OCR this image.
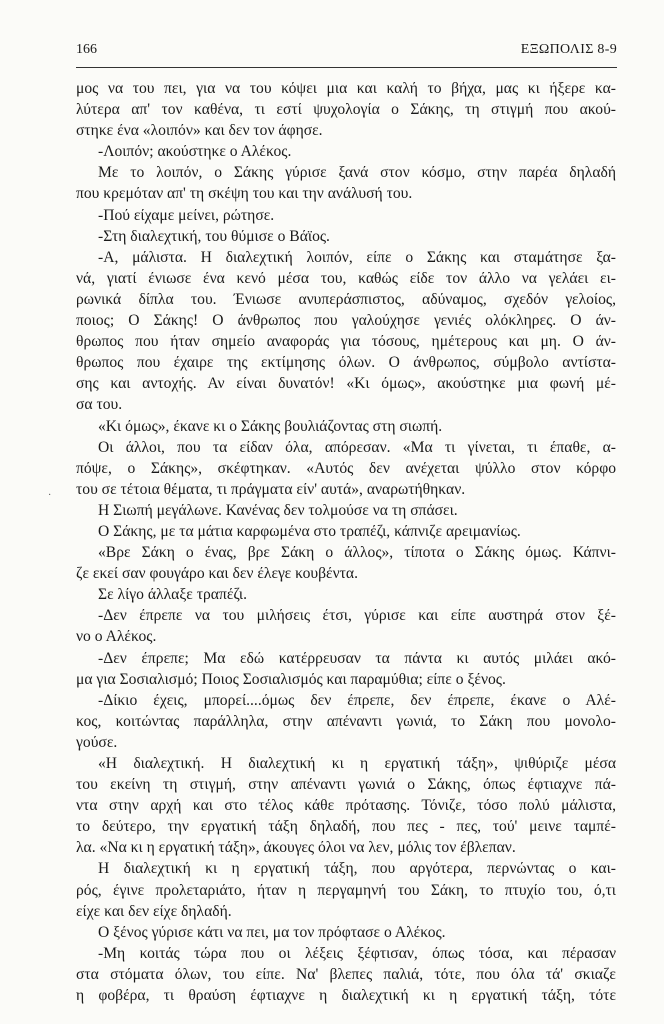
166	ΕΞΩΠΟΛΙΣ 8-9
·

μος να του πει, για να του κόψει μια και καλή το βήχα, μας κι ήξερε κα-

λύτερα απ' τον καθένα, τι εστί ψυχολογία ο Σάκης, τη στιγμή που ακού-

στηκε ένα «λοιπόν» και δεν τον άφησε.

-Λοιπόν; ακούστηκε ο Αλέκος.

Με το λοιπόν, ο Σάκης γύρισε ξανά στον κόσμο, στην παρέα δηλαδή

που κρεμόταν απ' τη σκέψη του και την ανάλυσή του.

-Πού είχαμε μείνει, ρώτησε.

-Στη διαλεχτική, του θύμισε ο Βάϊος.

-Α, μάλιστα. Η διαλεχτική λοιπόν, είπε ο Σάκης και σταμάτησε ξα-

νά, γιατί ένιωσε ένα κενό μέσα του, καθώς είδε τον άλλο να γελάει ει-

ρωνικά δίπλα του. Ένιωσε ανυπεράσπιστος, αδύναμος, σχεδόν γελοίος,

ποιος; Ο Σάκης! Ο άνθρωπος που γαλούχησε γενιές ολόκληρες. Ο άν-

θρωπος που ήταν σημείο αναφοράς για τόσους, ημέτερους και μη. Ο άν-

θρωπος που έχαιρε της εκτίμησης όλων. Ο άνθρωπος, σύμβολο αντίστα-

σης και αντοχής. Αν είναι δυνατόν! «Κι όμως», ακούστηκε μια φωνή μέ-

σα του.

«Κι όμως», έκανε κι ο Σάκης βουλιάζοντας στη σιωπή.

Οι άλλοι, που τα είδαν όλα, απόρεσαν. «Μα τι γίνεται, τι έπαθε, α-

πόψε, ο Σάκης», σκέφτηκαν. «Αυτός δεν ανέχεται ψύλλο στον κόρφο

του σε τέτοια θέματα, τι πράγματα είν' αυτά», αναρωτήθηκαν.

Η Σιωπή μεγάλωνε. Κανένας δεν τολμούσε να τη σπάσει.

Ο Σάκης, με τα μάτια καρφωμένα στο τραπέζι, κάπνιζε αρειμανίως.

«Βρε Σάκη ο ένας, βρε Σάκη ο άλλος», τίποτα ο Σάκης όμως. Κάπνι-

ζε εκεί σαν φουγάρο και δεν έλεγε κουβέντα.

Σε λίγο άλλαξε τραπέζι.

-Δεν έπρεπε να του μιλήσεις έτσι, γύρισε και είπε αυστηρά στον ξέ-

νο ο Αλέκος.

-Δεν έπρεπε; Μα εδώ κατέρρευσαν τα πάντα κι αυτός μιλάει ακό-

μα για Σοσιαλισμό; Ποιος Σοσιαλισμός και παραμύθια; είπε ο ξένος.

-Δίκιο έχεις, μπορεί....όμως δεν έπρεπε, δεν έπρεπε, έκανε ο Αλέ-

κος, κοιτώντας παράλληλα, στην απέναντι γωνιά, το Σάκη που μονολο-

γούσε.

«Η διαλεχτική. Η διαλεχτική κι η εργατική τάξη», ψιθύριζε μέσα

του εκείνη τη στιγμή, στην απέναντι γωνιά ο Σάκης, όπως έφτιαχνε πά-

ντα στην αρχή και στο τέλος κάθε πρότασης. Τόνιζε, τόσο πολύ μάλιστα,

το δεύτερο, την εργατική τάξη δηλαδή, που πες - πες, τού' μεινε ταμπέ-

λα. «Να κι η εργατική τάξη», άκουγες όλοι να λεν, μόλις τον έβλεπαν.

Η διαλεχτική κι η εργατική τάξη, που αργότερα, περνώντας ο και-

ρός, έγινε προλεταριάτο, ήταν η περγαμηνή του Σάκη, το πτυχίο του, ό,τι

είχε και δεν είχε δηλαδή.

Ο ξένος γύρισε κάτι να πει, μα τον πρόφτασε ο Αλέκος.

-Μη κοιτάς τώρα που οι λέξεις ξέφτισαν, όπως τόσα, και πέρασαν

στα στόματα όλων, του είπε. Να' βλεπες παλιά, τότε, που όλα τά' σκιαζε

η φοβέρα, τι θραύση έφτιαχνε η διαλεχτική κι η εργατική τάξη, τότε
